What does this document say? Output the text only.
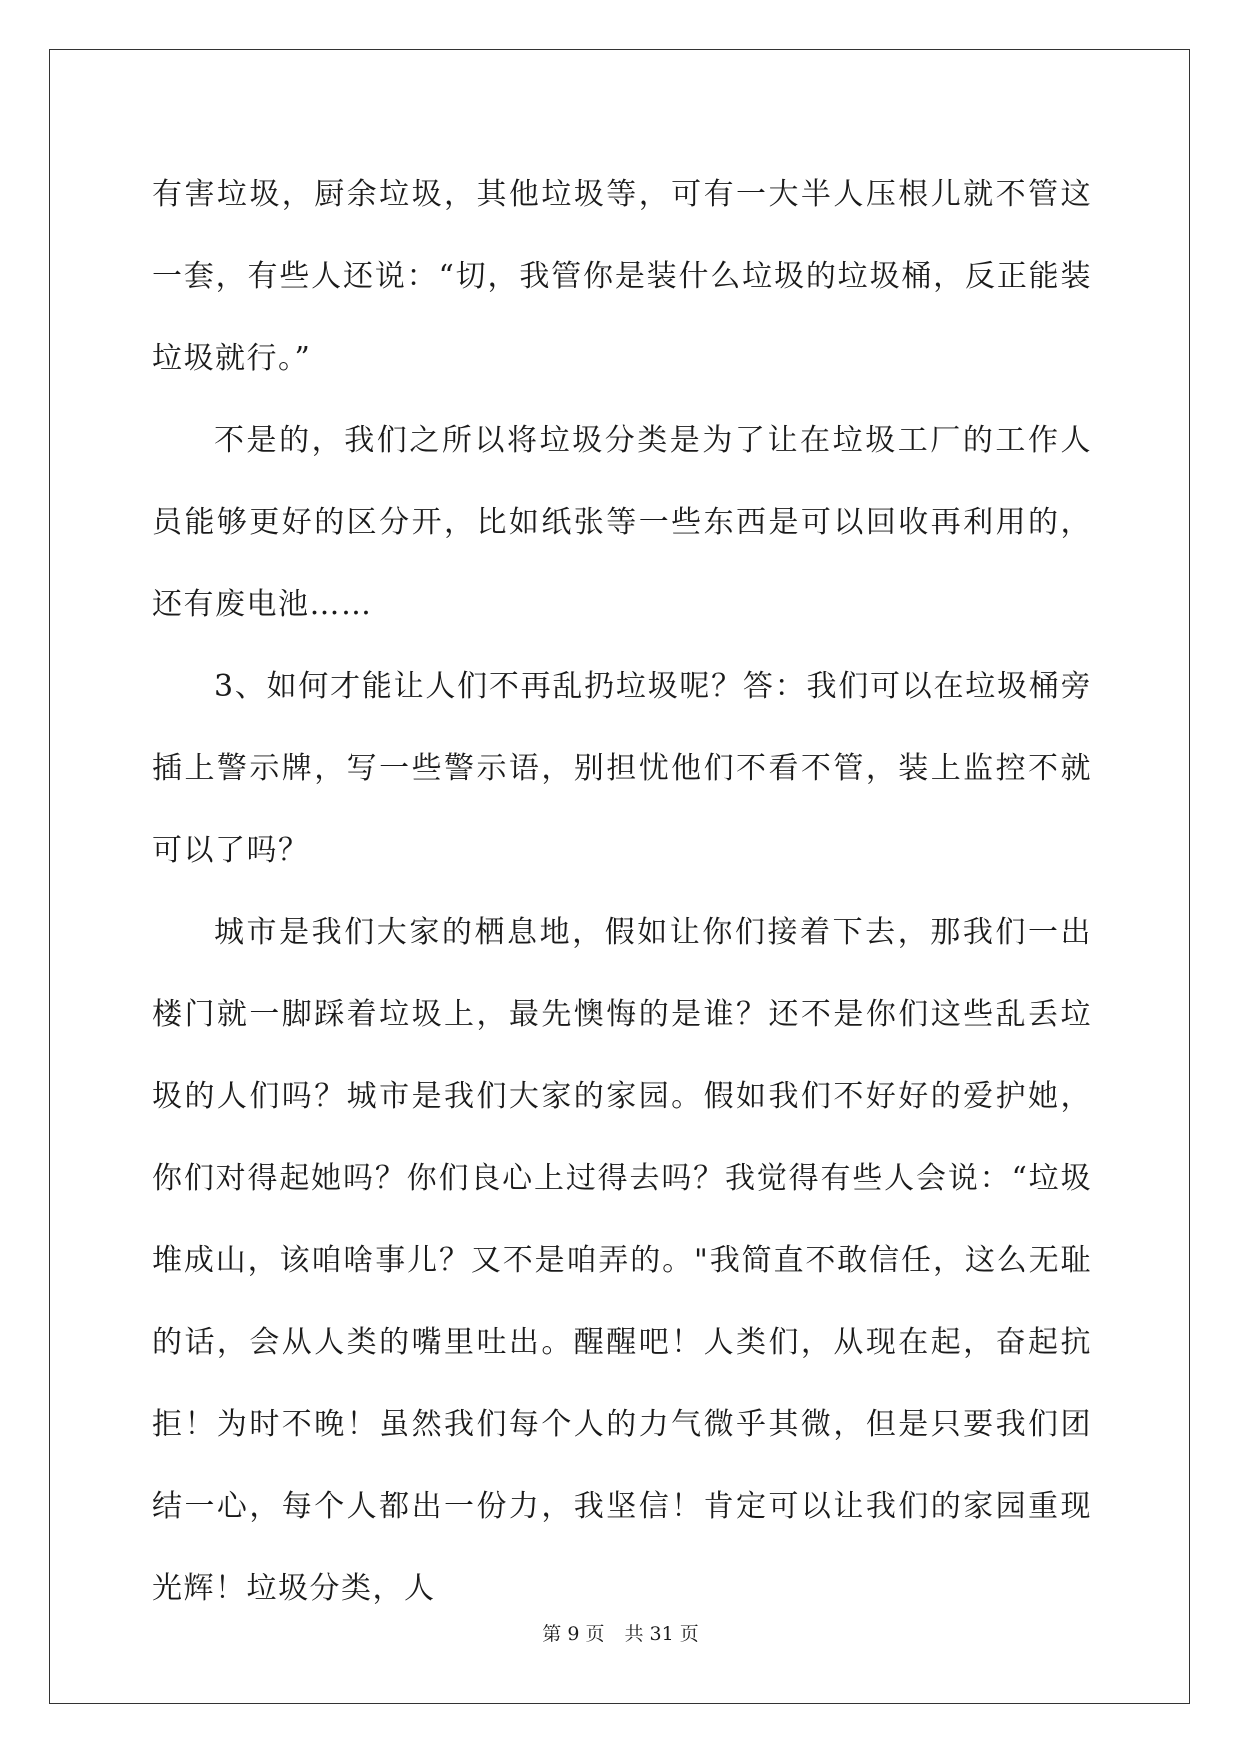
有害垃圾，厨余垃圾，其他垃圾等，可有一大半人压根儿就不管这一套，有些人还说：“切，我管你是装什么垃圾的垃圾桶，反正能装垃圾就行。”

不是的，我们之所以将垃圾分类是为了让在垃圾工厂的工作人员能够更好的区分开，比如纸张等一些东西是可以回收再利用的，还有废电池……

3、如何才能让人们不再乱扔垃圾呢？答：我们可以在垃圾桶旁插上警示牌，写一些警示语，别担忧他们不看不管，装上监控不就可以了吗？

城市是我们大家的栖息地，假如让你们接着下去，那我们一出楼门就一脚踩着垃圾上，最先懊悔的是谁？还不是你们这些乱丢垃圾的人们吗？城市是我们大家的家园。假如我们不好好的爱护她，你们对得起她吗？你们良心上过得去吗？我觉得有些人会说：“垃圾堆成山，该咱啥事儿？又不是咱弄的。"我简直不敢信任，这么无耻的话，会从人类的嘴里吐出。醒醒吧！人类们，从现在起，奋起抗拒！为时不晚！虽然我们每个人的力气微乎其微，但是只要我们团结一心，每个人都出一份力，我坚信！肯定可以让我们的家园重现光辉！垃圾分类，人

第 9 页 共 31 页
